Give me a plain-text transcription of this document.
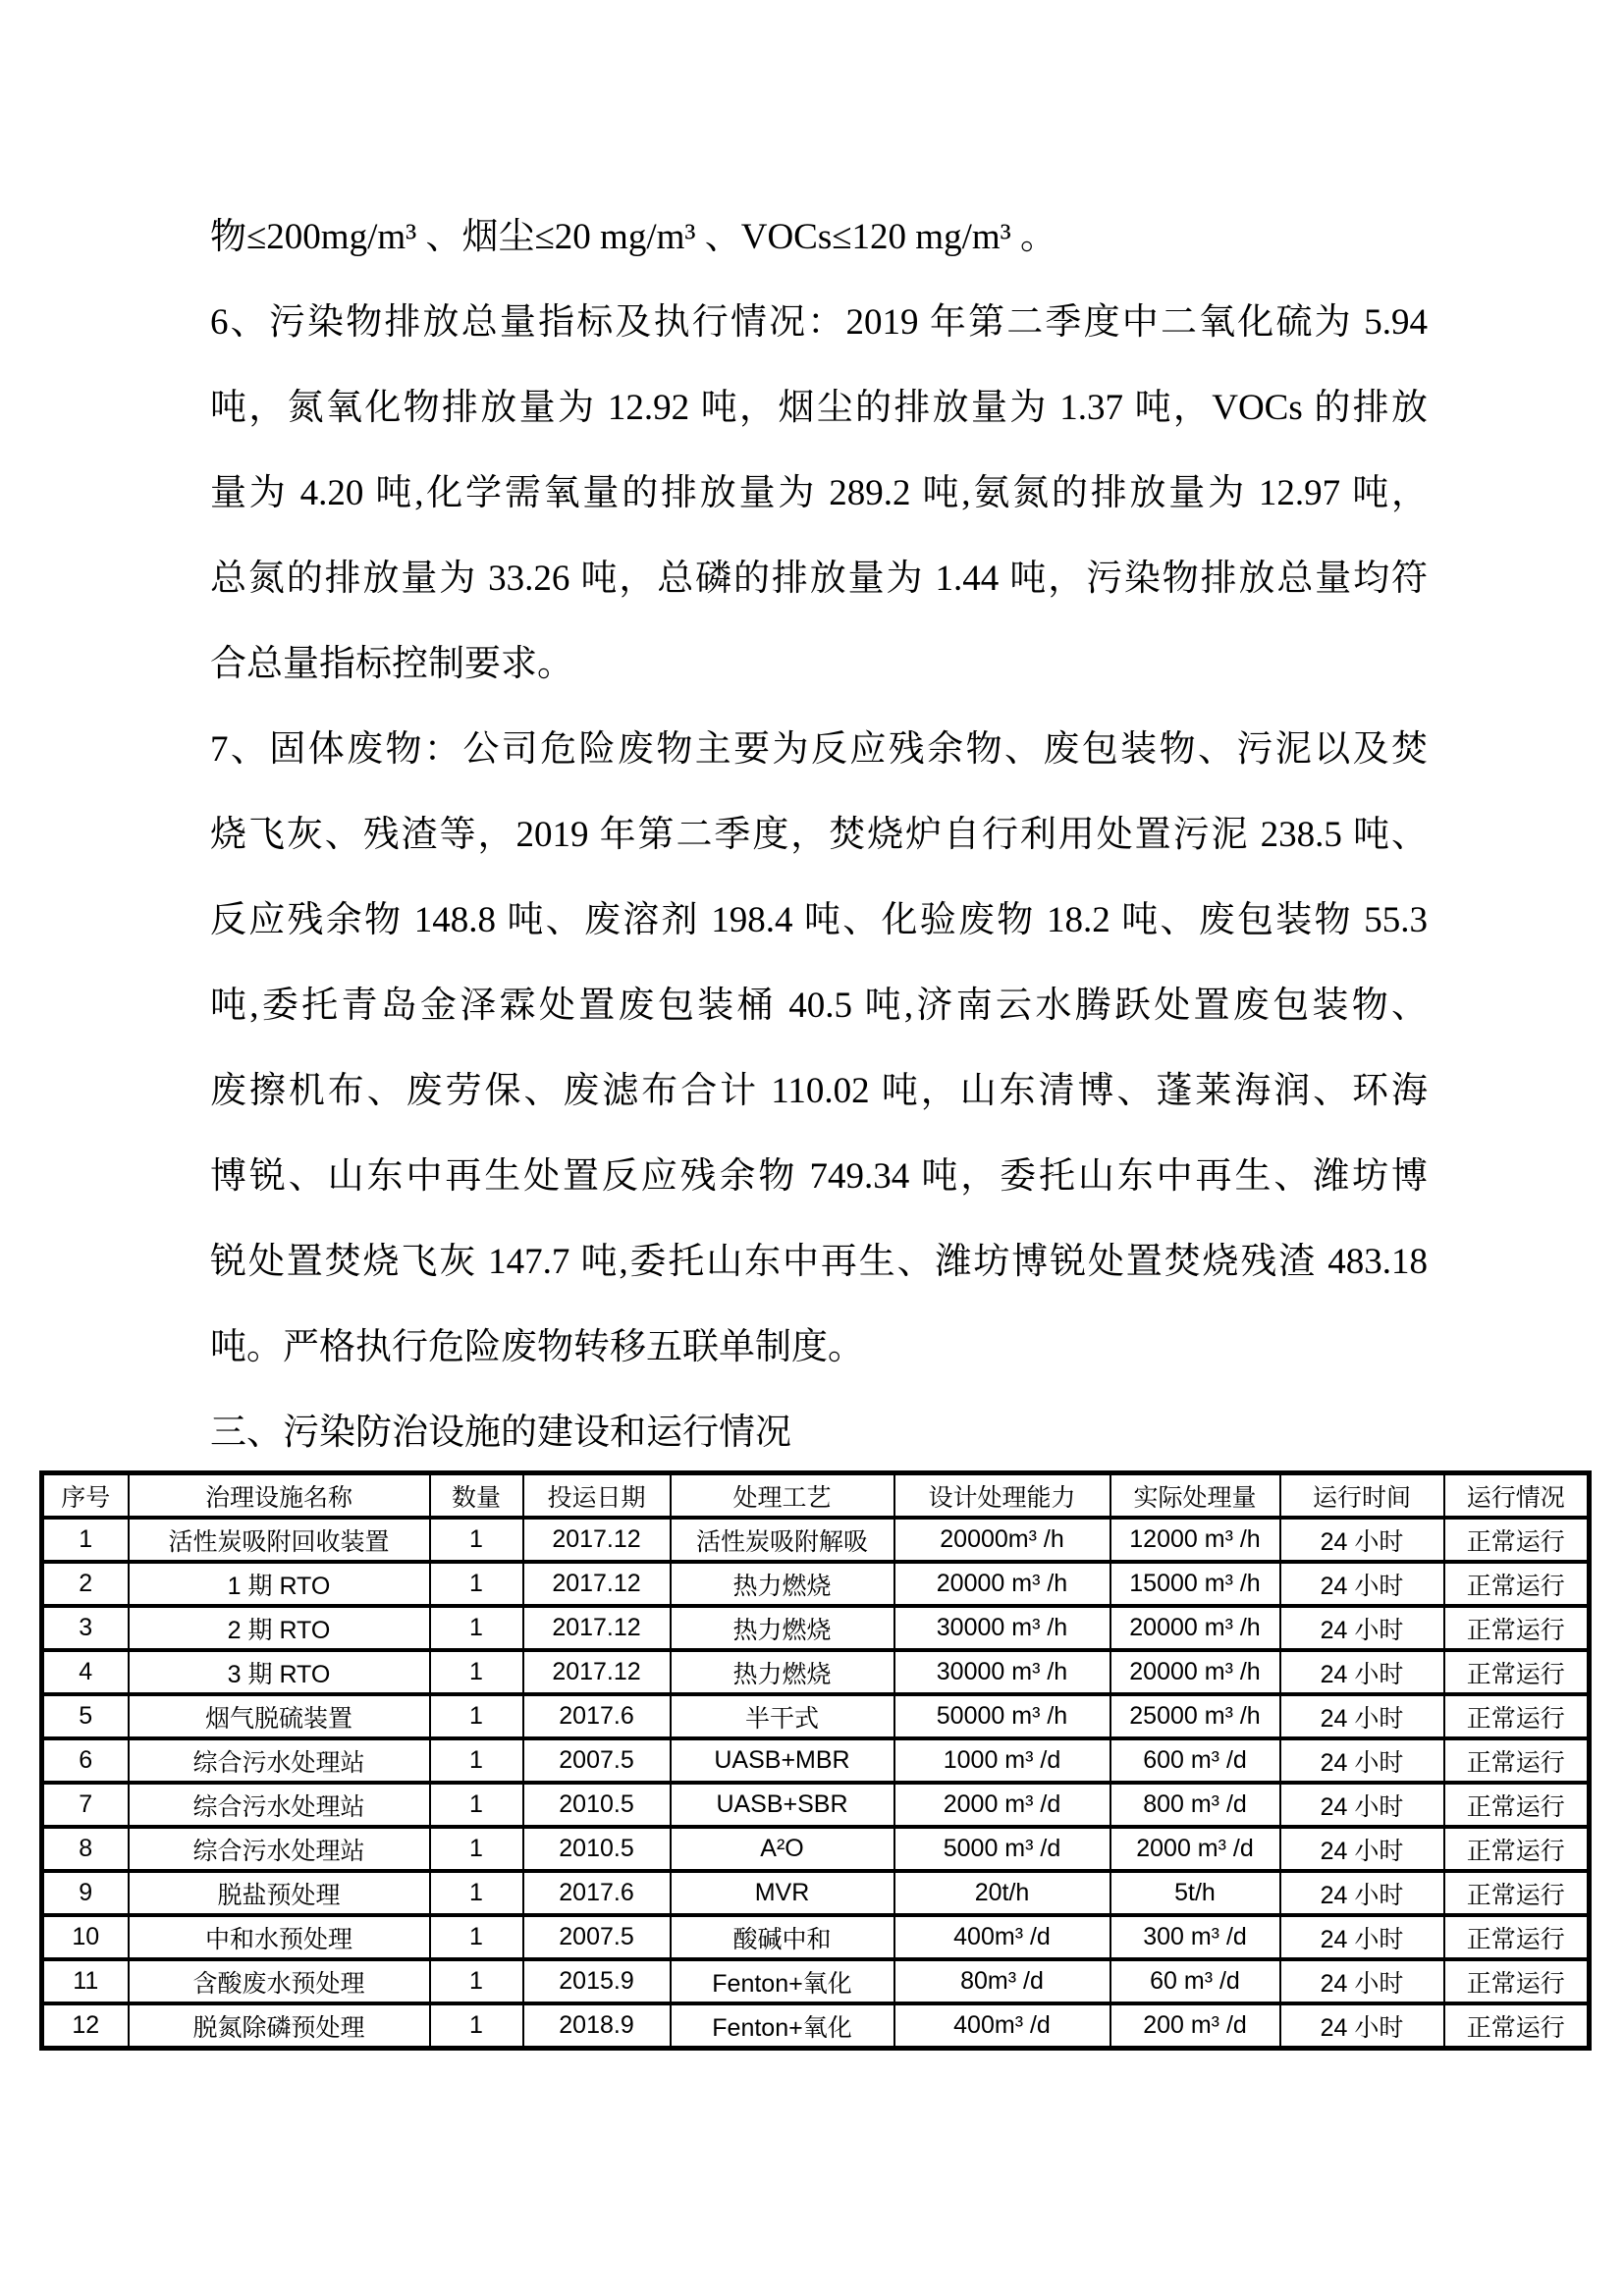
物≤200mg/m³ 、烟尘≤20 mg/m³ 、VOCs≤120 mg/m³ 。
6、污染物排放总量指标及执行情况：2019 年第二季度中二氧化硫为 5.94
吨，氮氧化物排放量为 12.92 吨，烟尘的排放量为 1.37 吨，VOCs 的排放
量为 4.20 吨,化学需氧量的排放量为 289.2 吨,氨氮的排放量为 12.97 吨，
总氮的排放量为 33.26 吨，总磷的排放量为 1.44 吨，污染物排放总量均符
合总量指标控制要求。
7、固体废物：公司危险废物主要为反应残余物、废包装物、污泥以及焚
烧飞灰、残渣等，2019 年第二季度，焚烧炉自行利用处置污泥 238.5 吨、
反应残余物 148.8 吨、废溶剂 198.4 吨、化验废物 18.2 吨、废包装物 55.3
吨,委托青岛金泽霖处置废包装桶 40.5 吨,济南云水腾跃处置废包装物、
废擦机布、废劳保、废滤布合计 110.02 吨，山东清博、蓬莱海润、环海
博锐、山东中再生处置反应残余物 749.34 吨，委托山东中再生、潍坊博
锐处置焚烧飞灰 147.7 吨,委托山东中再生、潍坊博锐处置焚烧残渣 483.18
吨。严格执行危险废物转移五联单制度。
三、污染防治设施的建设和运行情况
序号	治理设施名称	数量	投运日期	处理工艺	设计处理能力	实际处理量	运行时间	运行情况
1	活性炭吸附回收装置	1	2017.12	活性炭吸附解吸	20000m³ /h	12000 m³ /h	24 小时	正常运行
2	1 期 RTO	1	2017.12	热力燃烧	20000 m³ /h	15000 m³ /h	24 小时	正常运行
3	2 期 RTO	1	2017.12	热力燃烧	30000 m³ /h	20000 m³ /h	24 小时	正常运行
4	3 期 RTO	1	2017.12	热力燃烧	30000 m³ /h	20000 m³ /h	24 小时	正常运行
5	烟气脱硫装置	1	2017.6	半干式	50000 m³ /h	25000 m³ /h	24 小时	正常运行
6	综合污水处理站	1	2007.5	UASB+MBR	1000 m³ /d	600 m³ /d	24 小时	正常运行
7	综合污水处理站	1	2010.5	UASB+SBR	2000 m³ /d	800 m³ /d	24 小时	正常运行
8	综合污水处理站	1	2010.5	A²O	5000 m³ /d	2000 m³ /d	24 小时	正常运行
9	脱盐预处理	1	2017.6	MVR	20t/h	5t/h	24 小时	正常运行
10	中和水预处理	1	2007.5	酸碱中和	400m³ /d	300 m³ /d	24 小时	正常运行
11	含酸废水预处理	1	2015.9	Fenton+氧化	80m³ /d	60 m³ /d	24 小时	正常运行
12	脱氮除磷预处理	1	2018.9	Fenton+氧化	400m³ /d	200 m³ /d	24 小时	正常运行
